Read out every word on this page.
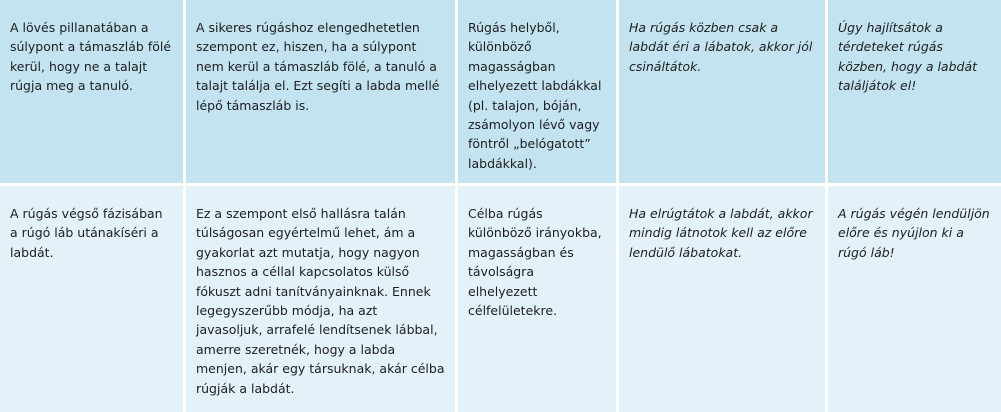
A lövés pillanatában a súlypont a támaszláb fölé kerül, hogy ne a talajt rúgja meg a tanuló.
A sikeres rúgáshoz elengedhetetlen szempont ez, hiszen, ha a súlypont nem kerül a támaszláb fölé, a tanuló a talajt találja el. Ezt segíti a labda mellé lépő támaszláb is.
Rúgás helyből, különböző magasságban elhelyezett labdákkal (pl. talajon, bóján, zsámolyon lévő vagy föntről „belógatott” labdákkal).
Ha rúgás közben csak a labdát éri a lábatok, akkor jól csináltátok.
Úgy hajlítsátok a térdeteket rúgás közben, hogy a labdát találjátok el!
A rúgás végső fázisában a rúgó láb utánakíséri a labdát.
Ez a szempont első hallásra talán túlságosan egyértelmű lehet, ám a gyakorlat azt mutatja, hogy nagyon hasznos a céllal kapcsolatos külső fókuszt adni tanítványainknak. Ennek legegyszerűbb módja, ha azt javasoljuk, arrafelé lendítsenek lábbal, amerre szeretnék, hogy a labda menjen, akár egy társuknak, akár célba rúgják a labdát.
Célba rúgás különböző irányokba, magasságban és távolságra elhelyezett célfelületekre.
Ha elrúgtátok a labdát, akkor mindig látnotok kell az előre lendülő lábatokat.
A rúgás végén lendüljön előre és nyújlon ki a rúgó láb!
